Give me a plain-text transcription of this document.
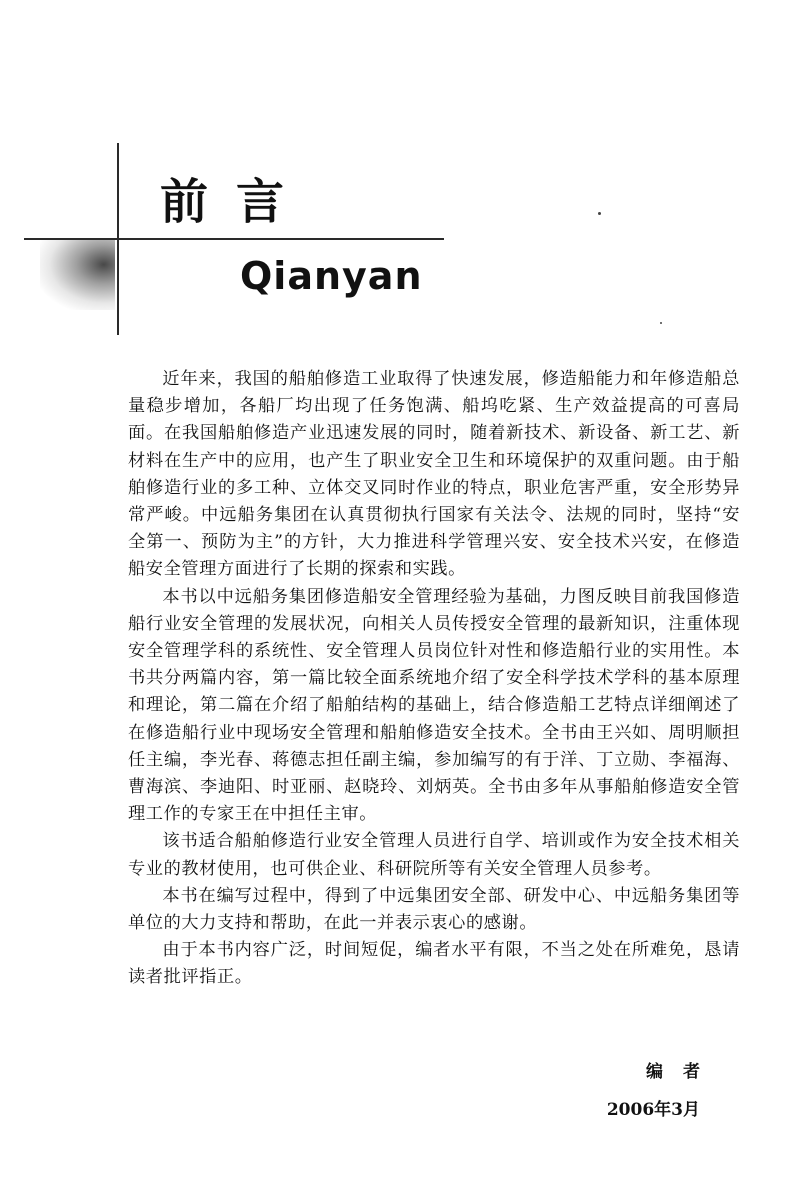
前言
Qianyan

近年来，我国的船舶修造工业取得了快速发展，修造船能力和年修造船总量稳步增加，各船厂均出现了任务饱满、船坞吃紧、生产效益提高的可喜局面。在我国船舶修造产业迅速发展的同时，随着新技术、新设备、新工艺、新材料在生产中的应用，也产生了职业安全卫生和环境保护的双重问题。由于船舶修造行业的多工种、立体交叉同时作业的特点，职业危害严重，安全形势异常严峻。中远船务集团在认真贯彻执行国家有关法令、法规的同时，坚持“安全第一、预防为主”的方针，大力推进科学管理兴安、安全技术兴安，在修造船安全管理方面进行了长期的探索和实践。

本书以中远船务集团修造船安全管理经验为基础，力图反映目前我国修造船行业安全管理的发展状况，向相关人员传授安全管理的最新知识，注重体现安全管理学科的系统性、安全管理人员岗位针对性和修造船行业的实用性。本书共分两篇内容，第一篇比较全面系统地介绍了安全科学技术学科的基本原理和理论，第二篇在介绍了船舶结构的基础上，结合修造船工艺特点详细阐述了在修造船行业中现场安全管理和船舶修造安全技术。全书由王兴如、周明顺担任主编，李光春、蒋德志担任副主编，参加编写的有于洋、丁立勋、李福海、曹海滨、李迪阳、时亚丽、赵晓玲、刘炳英。全书由多年从事船舶修造安全管理工作的专家王在中担任主审。

该书适合船舶修造行业安全管理人员进行自学、培训或作为安全技术相关专业的教材使用，也可供企业、科研院所等有关安全管理人员参考。

本书在编写过程中，得到了中远集团安全部、研发中心、中远船务集团等单位的大力支持和帮助，在此一并表示衷心的感谢。

由于本书内容广泛，时间短促，编者水平有限，不当之处在所难免，恳请读者批评指正。

编者
2006年3月
